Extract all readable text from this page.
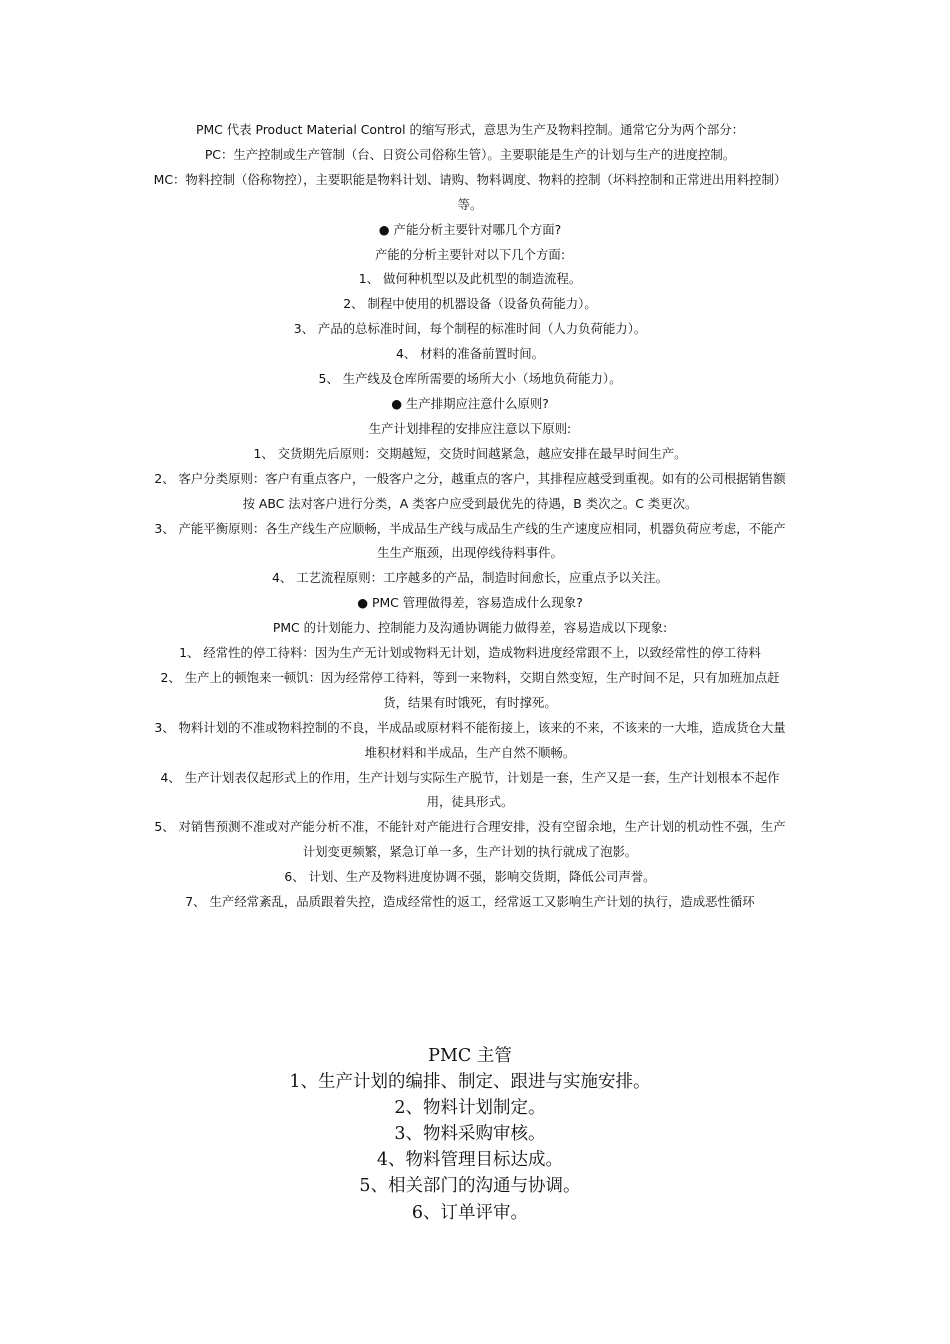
PMC 代表 Product Material Control 的缩写形式，意思为生产及物料控制。通常它分为两个部分：

PC：生产控制或生产管制（台、日资公司俗称生管）。主要职能是生产的计划与生产的进度控制。

MC：物料控制（俗称物控），主要职能是物料计划、请购、物料调度、物料的控制（坏料控制和正常进出用料控制）等。

● 产能分析主要针对哪几个方面?

产能的分析主要针对以下几个方面:

1、 做何种机型以及此机型的制造流程。

2、 制程中使用的机器设备（设备负荷能力）。

3、 产品的总标准时间，每个制程的标准时间（人力负荷能力）。

4、 材料的准备前置时间。

5、 生产线及仓库所需要的场所大小（场地负荷能力）。

● 生产排期应注意什么原则?

生产计划排程的安排应注意以下原则:

1、 交货期先后原则：交期越短，交货时间越紧急，越应安排在最早时间生产。

2、 客户分类原则：客户有重点客户，一般客户之分，越重点的客户，其排程应越受到重视。如有的公司根据销售额按 ABC 法对客户进行分类，A 类客户应受到最优先的待遇，B 类次之。C 类更次。

3、 产能平衡原则：各生产线生产应顺畅，半成品生产线与成品生产线的生产速度应相同，机器负荷应考虑，不能产生生产瓶颈，出现停线待料事件。

4、 工艺流程原则：工序越多的产品，制造时间愈长，应重点予以关注。

● PMC 管理做得差，容易造成什么现象?

PMC 的计划能力、控制能力及沟通协调能力做得差，容易造成以下现象:

1、 经常性的停工待料：因为生产无计划或物料无计划，造成物料进度经常跟不上，以致经常性的停工待料

2、 生产上的顿饱来一顿饥：因为经常停工待料，等到一来物料，交期自然变短，生产时间不足，只有加班加点赶货，结果有时饿死，有时撑死。

3、 物料计划的不准或物料控制的不良，半成品或原材料不能衔接上，该来的不来，不该来的一大堆，造成货仓大量堆积材料和半成品，生产自然不顺畅。

4、 生产计划表仅起形式上的作用，生产计划与实际生产脱节，计划是一套，生产又是一套，生产计划根本不起作用，徒具形式。

5、 对销售预测不准或对产能分析不准，不能针对产能进行合理安排，没有空留余地，生产计划的机动性不强，生产计划变更频繁，紧急订单一多，生产计划的执行就成了泡影。

6、 计划、生产及物料进度协调不强，影响交货期，降低公司声誉。

7、 生产经常紊乱，品质跟着失控，造成经常性的返工，经常返工又影响生产计划的执行，造成恶性循环

PMC 主管

1、生产计划的编排、制定、跟进与实施安排。

2、物料计划制定。

3、物料采购审核。

4、物料管理目标达成。

5、相关部门的沟通与协调。

6、订单评审。
